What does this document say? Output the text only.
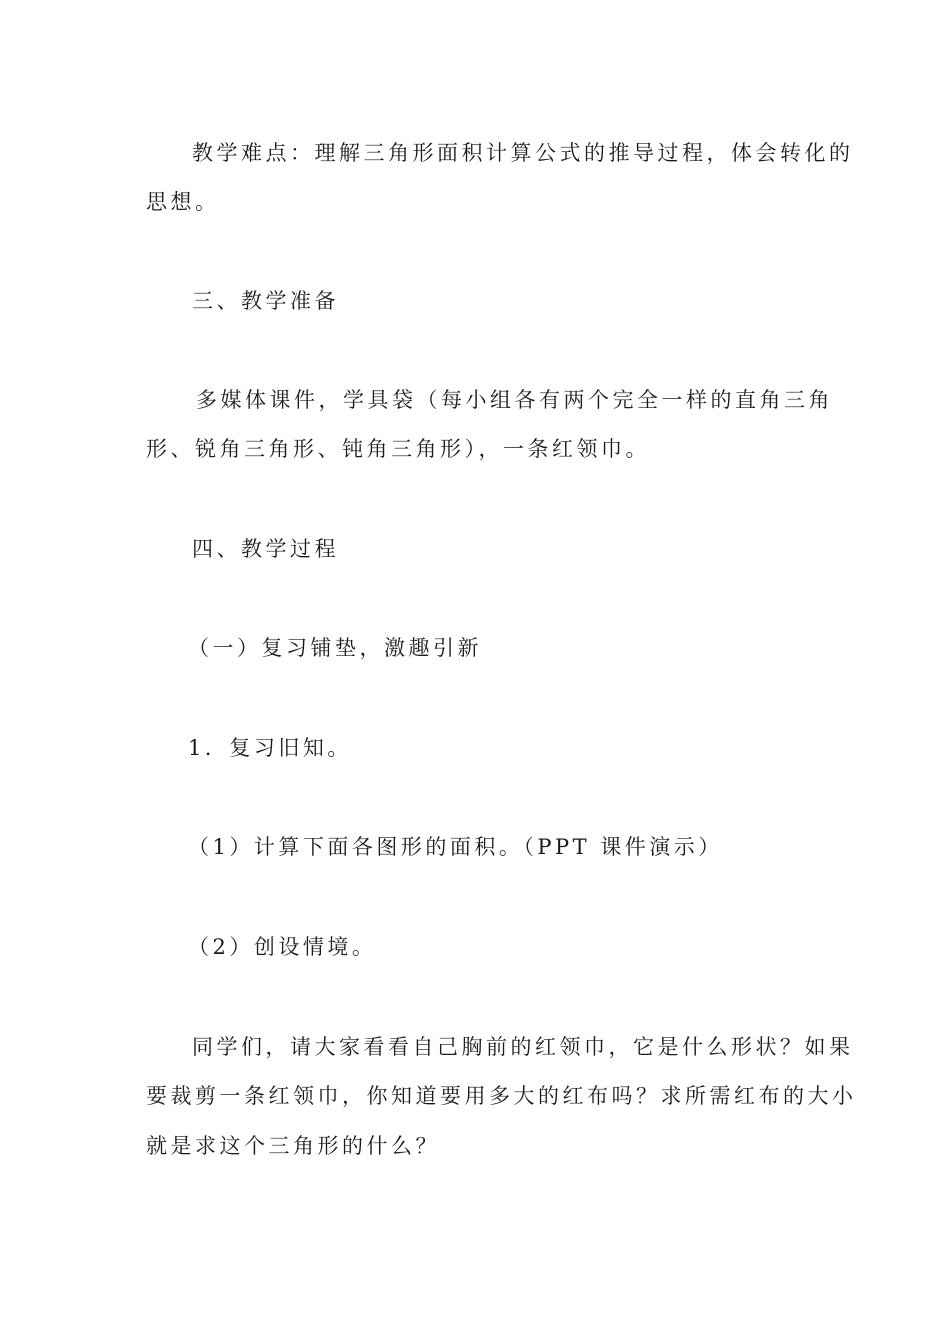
教学难点：理解三角形面积计算公式的推导过程，体会转化的
思想。
三、教学准备
多媒体课件，学具袋（每小组各有两个完全一样的直角三角
形、锐角三角形、钝角三角形），一条红领巾。
四、教学过程
（一）复习铺垫，激趣引新
1．复习旧知。
（1）计算下面各图形的面积。（PPT 课件演示）
（2）创设情境。
同学们，请大家看看自己胸前的红领巾，它是什么形状？如果
要裁剪一条红领巾，你知道要用多大的红布吗？求所需红布的大小
就是求这个三角形的什么？
